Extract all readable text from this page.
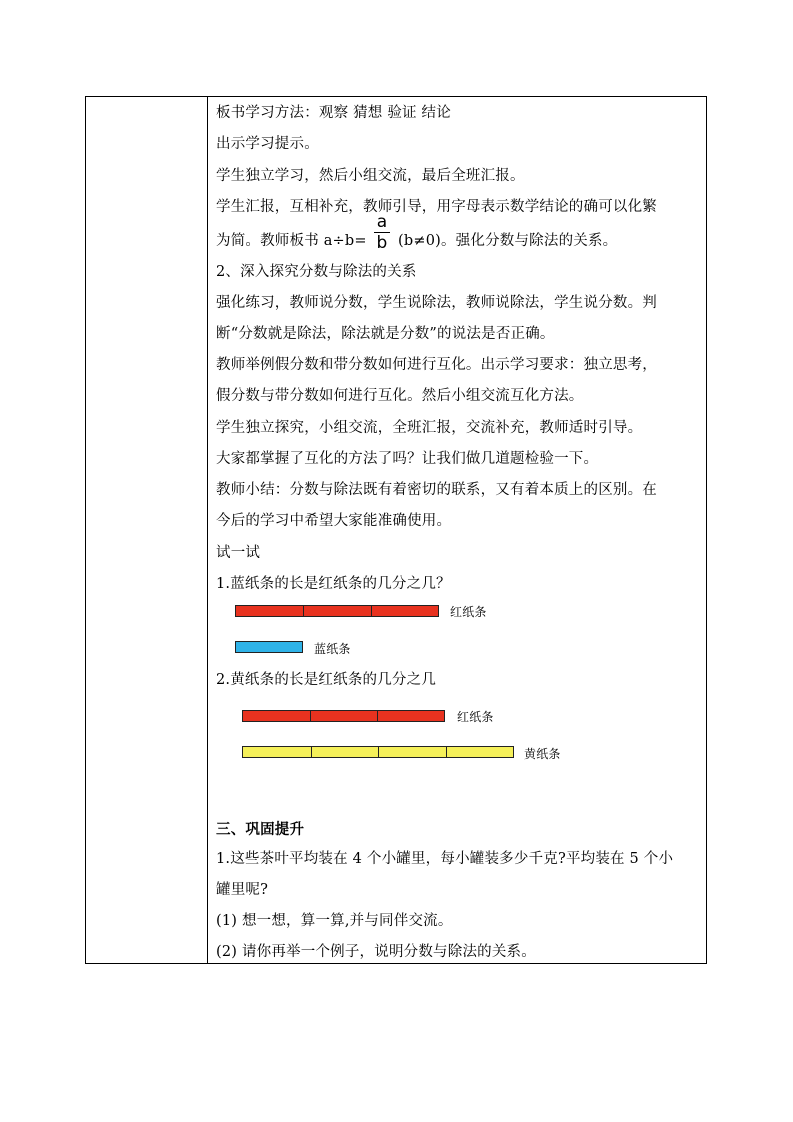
板书学习方法：观察 猜想 验证 结论
出示学习提示。
学生独立学习，然后小组交流，最后全班汇报。
学生汇报，互相补充，教师引导，用字母表示数学结论的确可以化繁
为简。教师板书 a÷b=
a
b (b≠0)。强化分数与除法的关系。
2、深入探究分数与除法的关系
强化练习，教师说分数，学生说除法，教师说除法，学生说分数。判
断“分数就是除法，除法就是分数”的说法是否正确。
教师举例假分数和带分数如何进行互化。出示学习要求：独立思考，
假分数与带分数如何进行互化。然后小组交流互化方法。
学生独立探究，小组交流，全班汇报，交流补充，教师适时引导。
大家都掌握了互化的方法了吗？让我们做几道题检验一下。
教师小结：分数与除法既有着密切的联系，又有着本质上的区别。在
今后的学习中希望大家能准确使用。
试一试
1.蓝纸条的长是红纸条的几分之几？
红纸条
蓝纸条
2.黄纸条的长是红纸条的几分之几
红纸条
黄纸条
三、巩固提升
1.这些茶叶平均装在 4 个小罐里，每小罐装多少千克?平均装在 5 个小
罐里呢?
(1) 想一想，算一算,并与同伴交流。
(2) 请你再举一个例子，说明分数与除法的关系。
